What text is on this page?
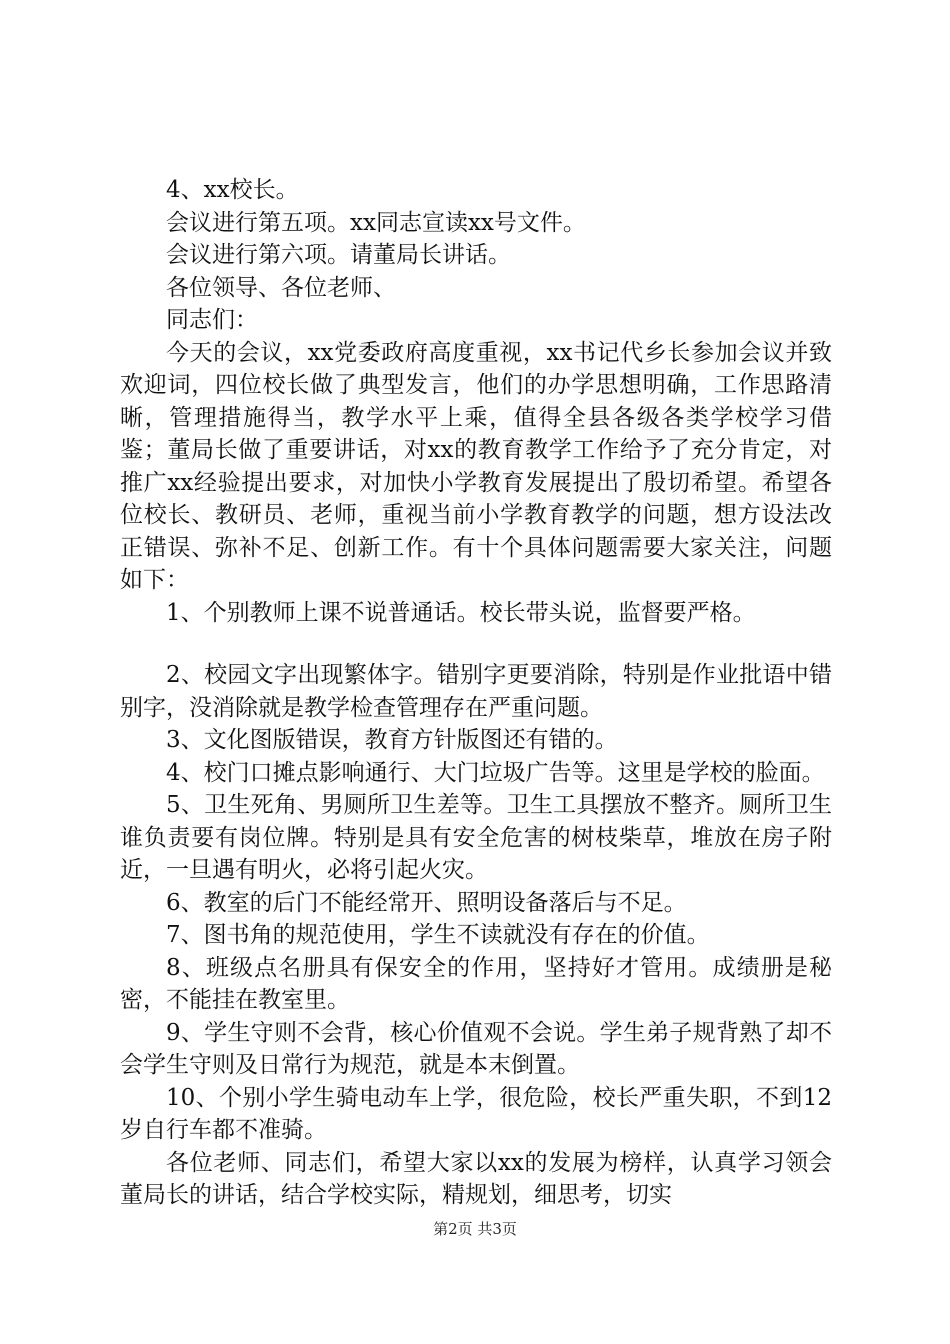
4、xx校长。

会议进行第五项。xx同志宣读xx号文件。

会议进行第六项。请董局长讲话。

各位领导、各位老师、

同志们：

今天的会议，xx党委政府高度重视，xx书记代乡长参加会议并致欢迎词，四位校长做了典型发言，他们的办学思想明确，工作思路清晰，管理措施得当，教学水平上乘，值得全县各级各类学校学习借鉴；董局长做了重要讲话，对xx的教育教学工作给予了充分肯定，对推广xx经验提出要求，对加快小学教育发展提出了殷切希望。希望各位校长、教研员、老师，重视当前小学教育教学的问题，想方设法改正错误、弥补不足、创新工作。有十个具体问题需要大家关注，问题如下：

1、个别教师上课不说普通话。校长带头说，监督要严格。

2、校园文字出现繁体字。错别字更要消除，特别是作业批语中错别字，没消除就是教学检查管理存在严重问题。

3、文化图版错误，教育方针版图还有错的。

4、校门口摊点影响通行、大门垃圾广告等。这里是学校的脸面。

5、卫生死角、男厕所卫生差等。卫生工具摆放不整齐。厕所卫生谁负责要有岗位牌。特别是具有安全危害的树枝柴草，堆放在房子附近，一旦遇有明火，必将引起火灾。

6、教室的后门不能经常开、照明设备落后与不足。

7、图书角的规范使用，学生不读就没有存在的价值。

8、班级点名册具有保安全的作用，坚持好才管用。成绩册是秘密，不能挂在教室里。

9、学生守则不会背，核心价值观不会说。学生弟子规背熟了却不会学生守则及日常行为规范，就是本末倒置。

10、个别小学生骑电动车上学，很危险，校长严重失职，不到12岁自行车都不准骑。

各位老师、同志们，希望大家以xx的发展为榜样，认真学习领会董局长的讲话，结合学校实际，精规划，细思考，切实

第2页 共3页
